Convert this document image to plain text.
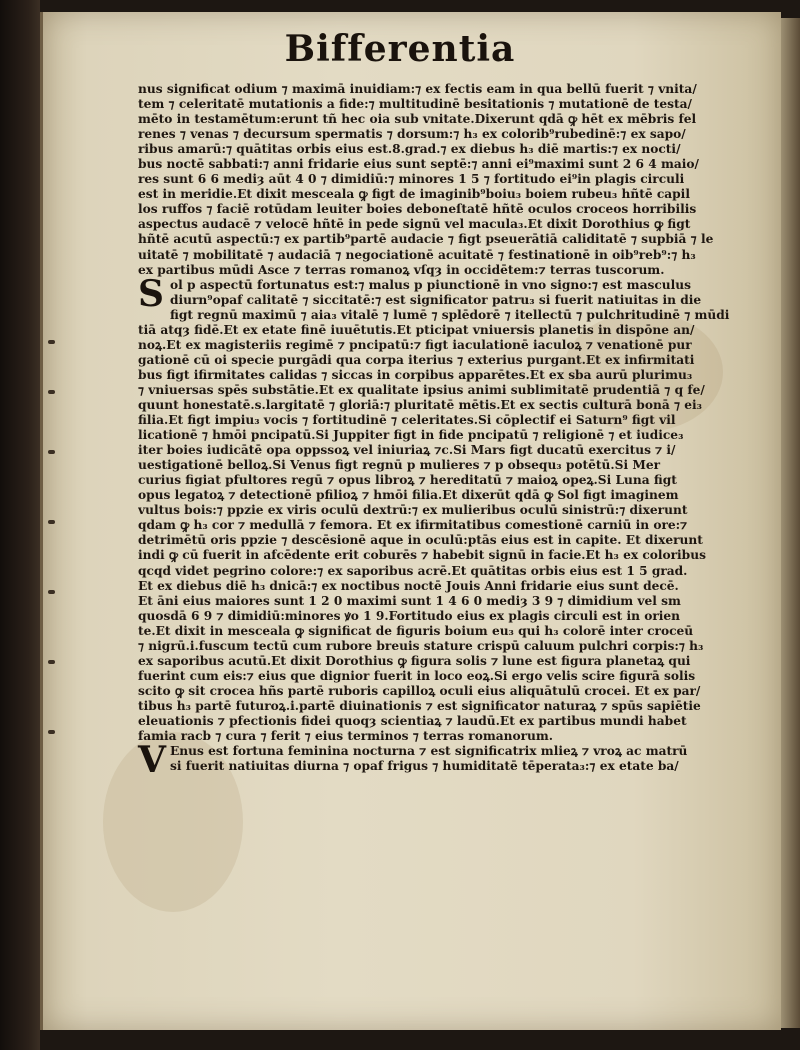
Bifferentia
nus significat odium ⁊ maximā inuidiam:⁊ ex fectis eam in qua bellū fuerit ⁊ vnita/
tem ⁊ celeritatē mutationis a fide:⁊ multitudinē besitationis ⁊ mutationē de testa/
mēto in testamētum:erunt tñ hec oia sub vnitate.Dixerunt qdā ꝙ hēt ex mēbris fel
renes ⁊ venas ⁊ decursum spermatis ⁊ dorsum:⁊ h₃ ex colorib⁹rubedinē:⁊ ex sapo/
ribus amarū:⁊ quātitas orbis eius est.8.grad.⁊ ex diebus h₃ diē martis:⁊ ex nocti/
bus noctē sabbati:⁊ anni fridarie eius sunt septē:⁊ anni ei⁹maximi sunt 2 6 4 maio/
res sunt 6 6 mediȝ aūt 4 0 ⁊ dimidiū:⁊ minores 1 5 ⁊ fortitudo ei⁹in plagis circuli
est in meridie.Et dixit mesceala ꝙ figt de imaginib⁹boiu₃ boiem rubeu₃ hñtē capil
los ruffos ⁊ faciē rotūdam leuiter boies deboneſtatē hñtē oculos croceos horribilis
aspectus audacē ⁊ velocē hñtē in pede signū vel macula₃.Et dixit Dorothius ꝙ figt
hñtē acutū aspectū:⁊ ex partib⁹partē audacie ⁊ figt pseuerātiā caliditatē ⁊ supbiā ⁊ le
uitatē ⁊ mobilitatē ⁊ audaciā ⁊ negociationē acuitatē ⁊ festinationē in oib⁹reb⁹:⁊ h₃
ex partibus mūdi Asce ⁊ terras romanoꝝ vſqȝ in occidētem:⁊ terras tuscorum.
S ol p aspectū fortunatus est:⁊ malus p piunctionē in vno signo:⁊ est masculus
diurn⁹opaf calitatē ⁊ siccitatē:⁊ est significator patru₃ si fuerit natiuitas in die
figt regnū maximū ⁊ aia₃ vitalē ⁊ lumē ⁊ splēdorē ⁊ itellectū ⁊ pulchritudinē ⁊ mūdi
tiā atqȝ fidē.Et ex etate finē iuuētutis.Et pticipat vniuersis planetis in dispōne an/
noꝝ.Et ex magisteriis regimē ⁊ pncipatū:⁊ figt iaculationē iaculoꝝ ⁊ venationē pur
gationē cū oi specie purgādi qua corpa iterius ⁊ exterius purgant.Et ex infirmitati
bus figt ifirmitates calidas ⁊ siccas in corpibus apparētes.Et ex sba aurū plurimu₃
⁊ vniuersas spēs substātie.Et ex qualitate ipsius animi sublimitatē prudentiā ⁊ q fe/
quunt honestatē.s.largitatē ⁊ gloriā:⁊ pluritatē mētis.Et ex sectis culturā bonā ⁊ ei₃
filia.Et figt impiu₃ vocis ⁊ fortitudinē ⁊ celeritates.Si cōplectif ei Saturn⁹ figt vil
licationē ⁊ hmōi pncipatū.Si Juppiter figt in fide pncipatū ⁊ religionē ⁊ et iudice₃
iter boies iudicātē opa oppssoꝝ vel iniuriaꝝ ⁊c.Si Mars figt ducatū exercitus ⁊ i/
uestigationē belloꝝ.Si Venus figt regnū p mulieres ⁊ p obsequ₃ potētū.Si Mer
curius figiat pfultores regū ⁊ opus libroꝝ ⁊ hereditatū ⁊ maioꝝ opeꝝ.Si Luna figt
opus legatoꝝ ⁊ detectionē pfilioꝝ ⁊ hmōi filia.Et dixerūt qdā ꝙ Sol figt imaginem
vultus bois:⁊ ppzie ex viris oculū dextrū:⁊ ex mulieribus oculū sinistrū:⁊ dixerunt
qdam ꝙ h₃ cor ⁊ medullā ⁊ femora. Et ex ifirmitatibus comestionē carniū in ore:⁊
detrimētū oris ppzie ⁊ descēsionē aque in oculū:ptās eius est in capite. Et dixerunt
indi ꝙ cū fuerit in afcēdente erit coburēs ⁊ habebit signū in facie.Et h₃ ex coloribus
qcqd videt pegrino colore:⁊ ex saporibus acrē.Et quātitas orbis eius est 1 5 grad.
Et ex diebus diē h₃ dnicā:⁊ ex noctibus noctē Jouis Anni fridarie eius sunt decē.
Et āni eius maiores sunt 1 2 0 maximi sunt 1 4 6 0 mediȝ 3 9 ⁊ dimidium vel sm
quosdā 6 9 ⁊ dimidiū:minores ꝟo 1 9.Fortitudo eius ex plagis circuli est in orien
te.Et dixit in mesceala ꝙ significat de figuris boium eu₃ qui h₃ colorē inter croceū
⁊ nigrū.i.fuscum tectū cum rubore breuis stature crispū caluum pulchri corpis:⁊ h₃
ex saporibus acutū.Et dixit Dorothius ꝙ figura solis ⁊ lune est figura planetaꝝ qui
fuerint cum eis:⁊ eius que dignior fuerit in loco eoꝝ.Si ergo velis scire figurā solis
scito ꝙ sit crocea hñs partē ruboris capilloꝝ oculi eius aliquātulū crocei. Et ex par/
tibus h₃ partē futuroꝝ.i.partē diuinationis ⁊ est significator naturaꝝ ⁊ spūs sapiētie
eleuationis ⁊ pfectionis fidei quoqȝ scientiaꝝ ⁊ laudū.Et ex partibus mundi habet
famia racb ⁊ cura ⁊ ferit ⁊ eius terminos ⁊ terras romanorum.
V Enus est fortuna feminina nocturna ⁊ est significatrix mlieꝝ ⁊ vroꝝ ac matrū
si fuerit natiuitas diurna ⁊ opaf frigus ⁊ humiditatē tēperata₃:⁊ ex etate ba/
